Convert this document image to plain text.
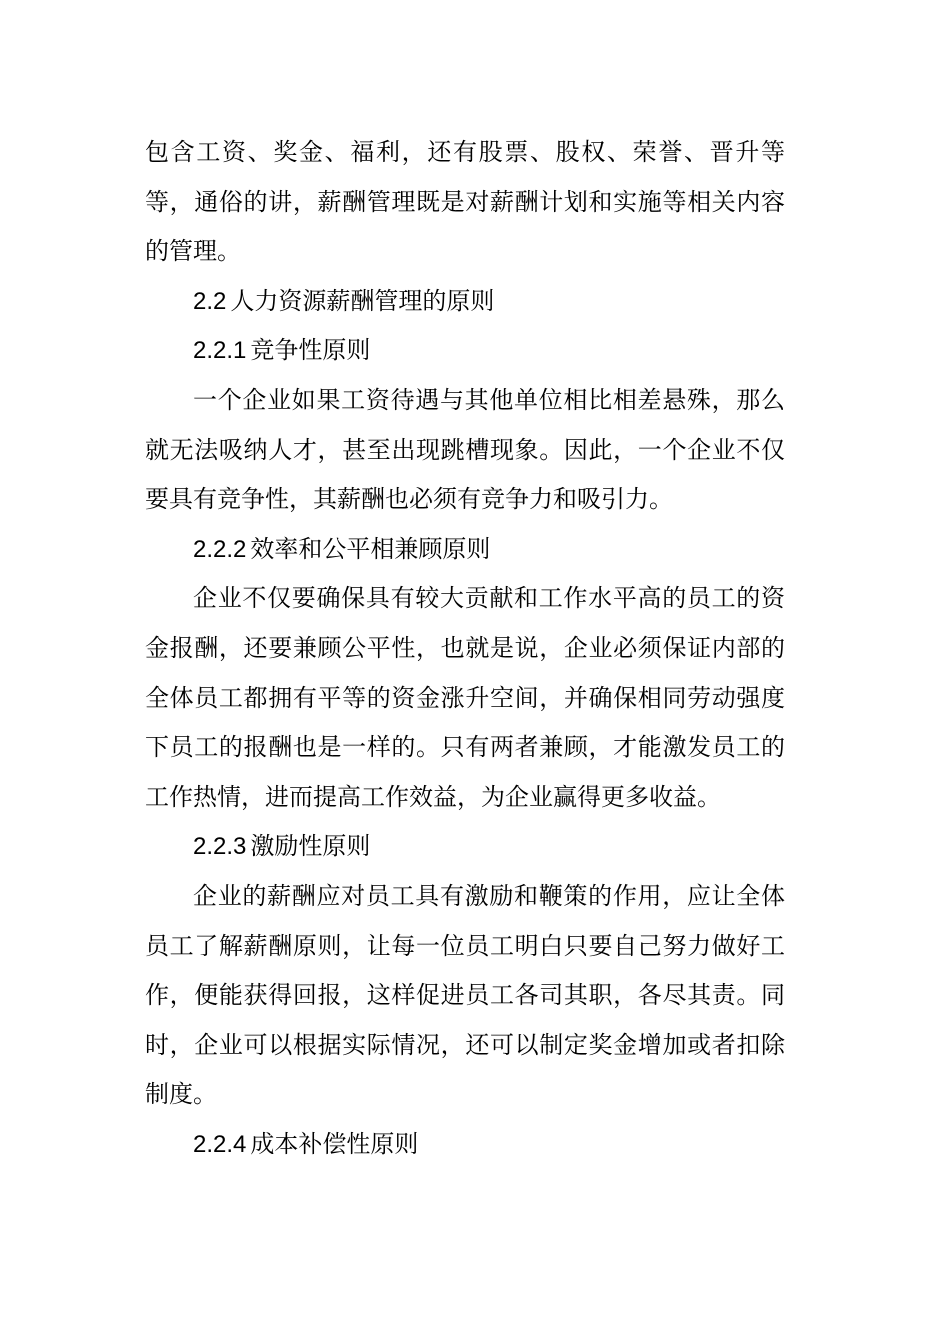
包含工资、奖金、福利，还有股票、股权、荣誉、晋升等等，通俗的讲，薪酬管理既是对薪酬计划和实施等相关内容的管理。

2.2 人力资源薪酬管理的原则
2.2.1 竞争性原则

一个企业如果工资待遇与其他单位相比相差悬殊，那么就无法吸纳人才，甚至出现跳槽现象。因此，一个企业不仅要具有竞争性，其薪酬也必须有竞争力和吸引力。

2.2.2 效率和公平相兼顾原则

企业不仅要确保具有较大贡献和工作水平高的员工的资金报酬，还要兼顾公平性，也就是说，企业必须保证内部的全体员工都拥有平等的资金涨升空间，并确保相同劳动强度下员工的报酬也是一样的。只有两者兼顾，才能激发员工的工作热情，进而提高工作效益，为企业赢得更多收益。

2.2.3 激励性原则

企业的薪酬应对员工具有激励和鞭策的作用，应让全体员工了解薪酬原则，让每一位员工明白只要自己努力做好工作，便能获得回报，这样促进员工各司其职，各尽其责。同时，企业可以根据实际情况，还可以制定奖金增加或者扣除制度。

2.2.4 成本补偿性原则
